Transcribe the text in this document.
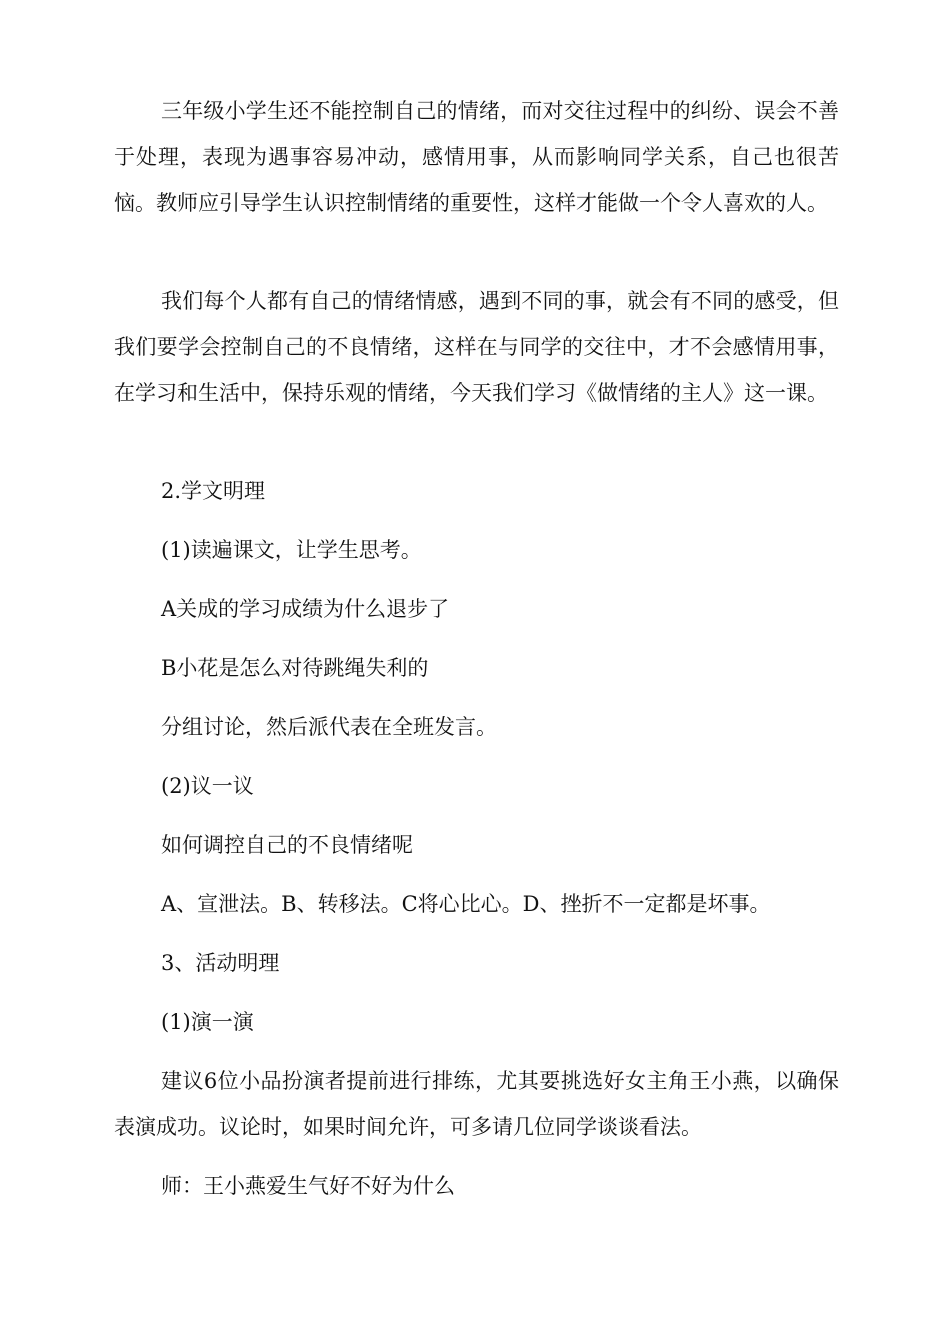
三年级小学生还不能控制自己的情绪，而对交往过程中的纠纷、误会不善于处理，表现为遇事容易冲动，感情用事，从而影响同学关系，自己也很苦恼。教师应引导学生认识控制情绪的重要性，这样才能做一个令人喜欢的人。

我们每个人都有自己的情绪情感，遇到不同的事，就会有不同的感受，但我们要学会控制自己的不良情绪，这样在与同学的交往中，才不会感情用事，在学习和生活中，保持乐观的情绪，今天我们学习《做情绪的主人》这一课。

2.学文明理

(1)读遍课文，让学生思考。

A关成的学习成绩为什么退步了

B小花是怎么对待跳绳失利的

分组讨论，然后派代表在全班发言。

(2)议一议

如何调控自己的不良情绪呢

A、宣泄法。B、转移法。C将心比心。D、挫折不一定都是坏事。

3、活动明理

(1)演一演

建议6位小品扮演者提前进行排练，尤其要挑选好女主角王小燕，以确保表演成功。议论时，如果时间允许，可多请几位同学谈谈看法。

师：王小燕爱生气好不好为什么
